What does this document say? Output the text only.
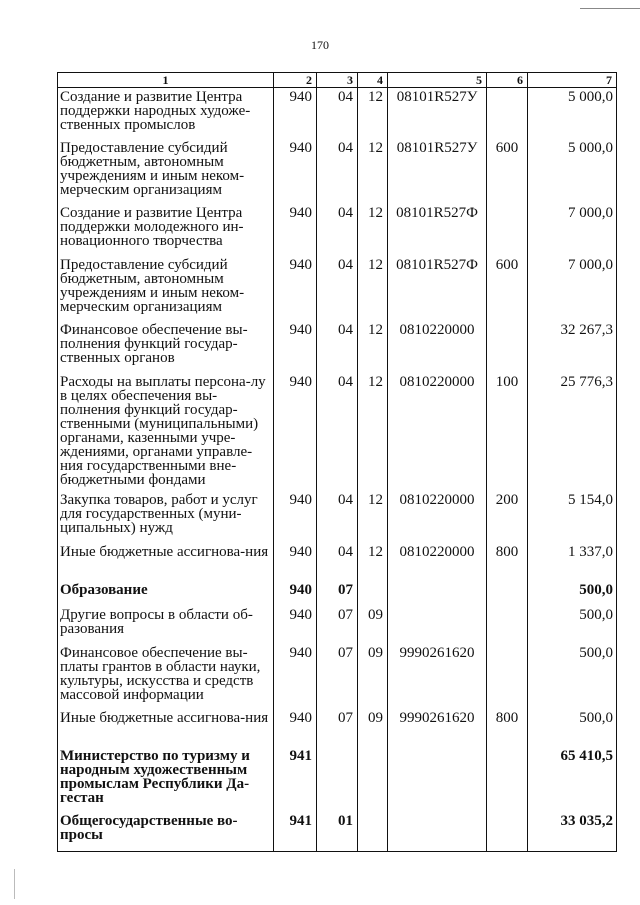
170
1	2	3	4	5	6	7
Создание и развитие Центра поддержки народных художе-ственных промыслов	940	04	12	08101R527У		5 000,0
Предоставление субсидий бюджетным, автономным учреждениям и иным неком-мерческим организациям	940	04	12	08101R527У	600	5 000,0
Создание и развитие Центра поддержки молодежного ин-новационного творчества	940	04	12	08101R527Ф		7 000,0
Предоставление субсидий бюджетным, автономным учреждениям и иным неком-мерческим организациям	940	04	12	08101R527Ф	600	7 000,0
Финансовое обеспечение вы-полнения функций государ-ственных органов	940	04	12	0810220000		32 267,3
Расходы на выплаты персона-лу в целях обеспечения вы-полнения функций государ-ственными (муниципальными) органами, казенными учре-ждениями, органами управле-ния государственными вне-бюджетными фондами	940	04	12	0810220000	100	25 776,3
Закупка товаров, работ и услуг для государственных (муни-ципальных) нужд	940	04	12	0810220000	200	5 154,0
Иные бюджетные ассигнова-ния	940	04	12	0810220000	800	1 337,0
Образование	940	07				500,0
Другие вопросы в области об-разования	940	07	09			500,0
Финансовое обеспечение вы-платы грантов в области науки, культуры, искусства и средств массовой информации	940	07	09	9990261620		500,0
Иные бюджетные ассигнова-ния	940	07	09	9990261620	800	500,0
Министерство по туризму и народным художественным промыслам Республики Да-гестан	941					65 410,5
Общегосударственные во-просы	941	01				33 035,2
